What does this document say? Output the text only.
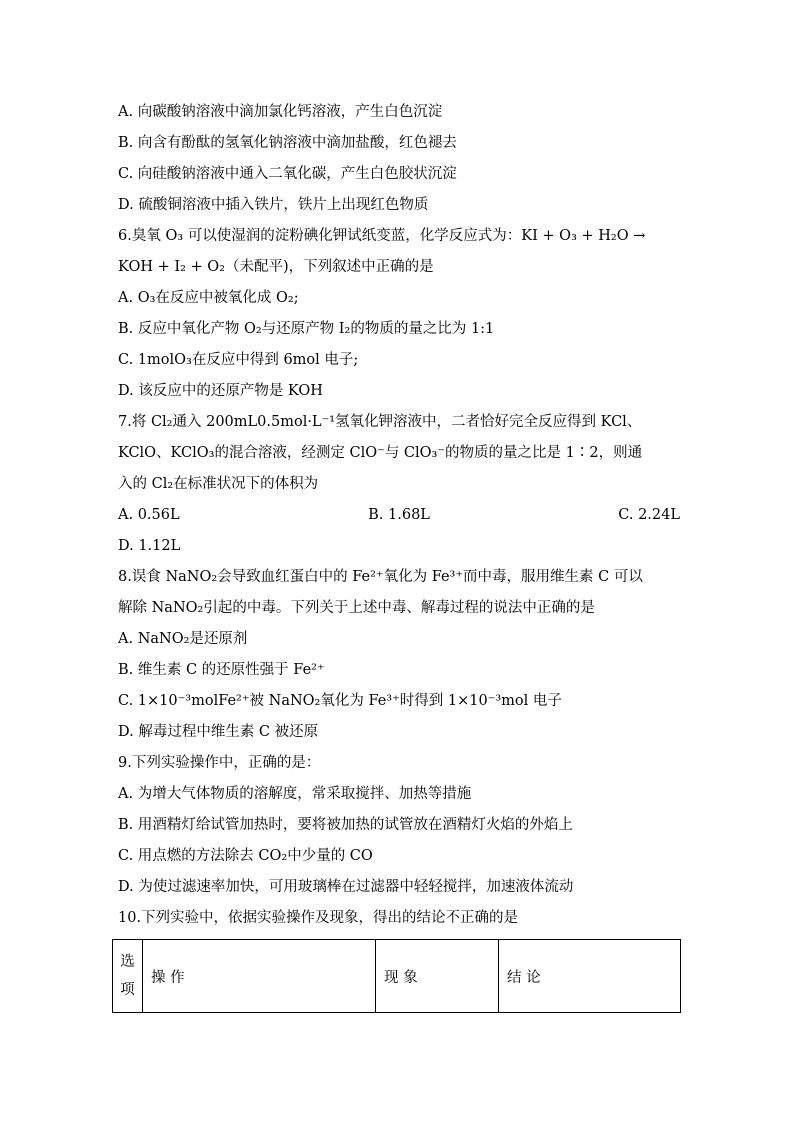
A. 向碳酸钠溶液中滴加氯化钙溶液，产生白色沉淀
B. 向含有酚酞的氢氧化钠溶液中滴加盐酸，红色褪去
C. 向硅酸钠溶液中通入二氧化碳，产生白色胶状沉淀
D. 硫酸铜溶液中插入铁片，铁片上出现红色物质
6.臭氧 O₃ 可以使湿润的淀粉碘化钾试纸变蓝，化学反应式为：KI + O₃ + H₂O →
KOH + I₂ + O₂（未配平)，下列叙述中正确的是
A. O₃在反应中被氧化成 O₂;
B. 反应中氧化产物 O₂与还原产物 I₂的物质的量之比为 1:1
C. 1molO₃在反应中得到 6mol 电子;
D. 该反应中的还原产物是 KOH
7.将 Cl₂通入 200mL0.5mol·L⁻¹氢氧化钾溶液中，二者恰好完全反应得到 KCl、
KClO、KClO₃的混合溶液，经测定 ClO⁻与 ClO₃⁻的物质的量之比是 1∶2，则通
入的 Cl₂在标准状况下的体积为
A. 0.56L	B. 1.68L	C. 2.24L
D. 1.12L
8.误食 NaNO₂会导致血红蛋白中的 Fe²⁺氧化为 Fe³⁺而中毒，服用维生素 C 可以
解除 NaNO₂引起的中毒。下列关于上述中毒、解毒过程的说法中正确的是
A. NaNO₂是还原剂
B. 维生素 C 的还原性强于 Fe²⁺
C. 1×10⁻³molFe²⁺被 NaNO₂氧化为 Fe³⁺时得到 1×10⁻³mol 电子
D. 解毒过程中维生素 C 被还原
9.下列实验操作中，正确的是：
A. 为增大气体物质的溶解度，常采取搅拌、加热等措施
B. 用酒精灯给试管加热时，要将被加热的试管放在酒精灯火焰的外焰上
C. 用点燃的方法除去 CO₂中少量的 CO
D. 为使过滤速率加快，可用玻璃棒在过滤器中轻轻搅拌，加速液体流动
10.下列实验中，依据实验操作及现象，得出的结论不正确的是
选
项
	操 作	现 象	结 论
